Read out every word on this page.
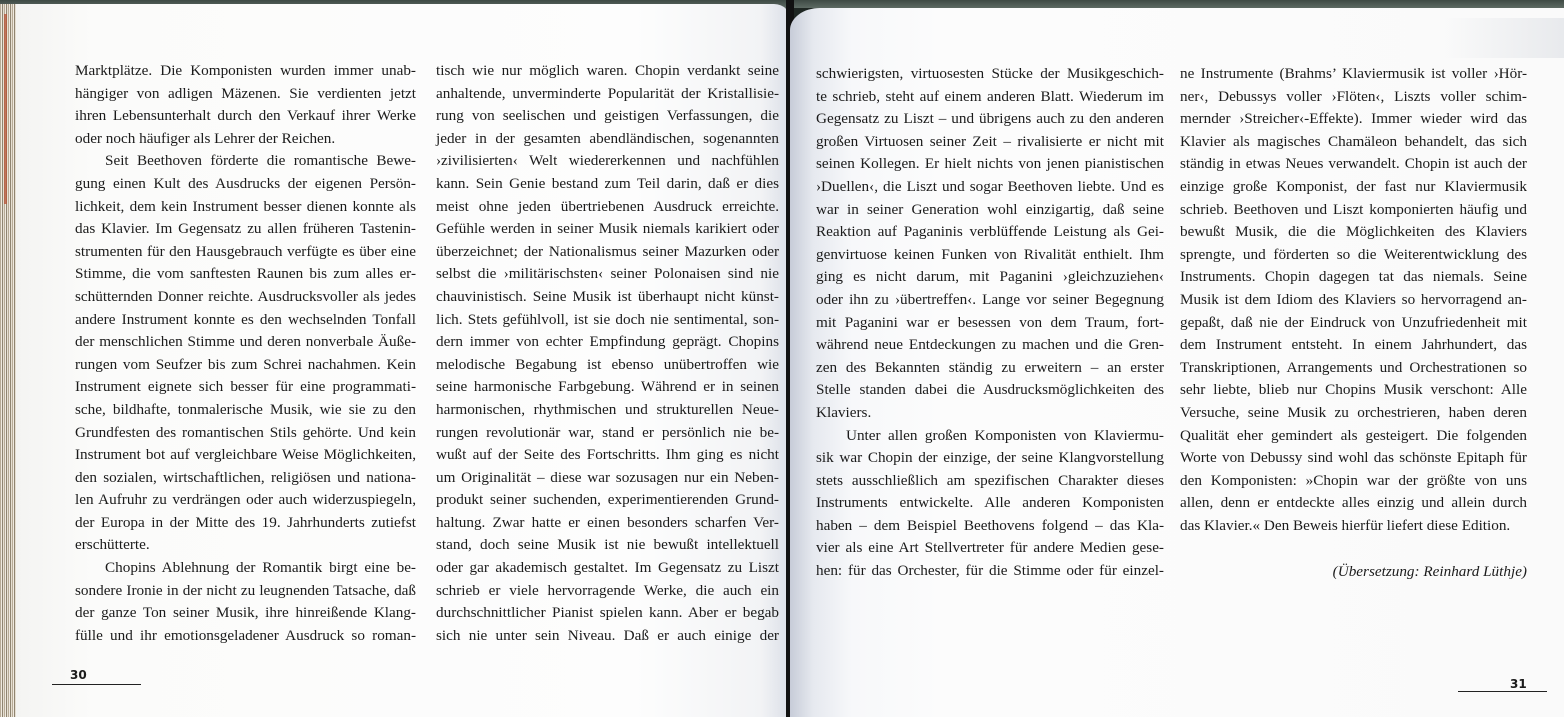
Marktplätze. Die Komponisten wurden immer unab-
hängiger von adligen Mäzenen. Sie verdienten jetzt
ihren Lebensunterhalt durch den Verkauf ihrer Werke
oder noch häufiger als Lehrer der Reichen.
Seit Beethoven förderte die romantische Bewe-
gung einen Kult des Ausdrucks der eigenen Persön-
lichkeit, dem kein Instrument besser dienen konnte als
das Klavier. Im Gegensatz zu allen früheren Tastenin-
strumenten für den Hausgebrauch verfügte es über eine
Stimme, die vom sanftesten Raunen bis zum alles er-
schütternden Donner reichte. Ausdrucksvoller als jedes
andere Instrument konnte es den wechselnden Tonfall
der menschlichen Stimme und deren nonverbale Äuße-
rungen vom Seufzer bis zum Schrei nachahmen. Kein
Instrument eignete sich besser für eine programmati-
sche, bildhafte, tonmalerische Musik, wie sie zu den
Grundfesten des romantischen Stils gehörte. Und kein
Instrument bot auf vergleichbare Weise Möglichkeiten,
den sozialen, wirtschaftlichen, religiösen und nationa-
len Aufruhr zu verdrängen oder auch widerzuspiegeln,
der Europa in der Mitte des 19. Jahrhunderts zutiefst
erschütterte.
Chopins Ablehnung der Romantik birgt eine be-
sondere Ironie in der nicht zu leugnenden Tatsache, daß
der ganze Ton seiner Musik, ihre hinreißende Klang-
fülle und ihr emotionsgeladener Ausdruck so roman-
tisch wie nur möglich waren. Chopin verdankt seine
anhaltende, unverminderte Popularität der Kristallisie-
rung von seelischen und geistigen Verfassungen, die
jeder in der gesamten abendländischen, sogenannten
›zivilisierten‹ Welt wiedererkennen und nachfühlen
kann. Sein Genie bestand zum Teil darin, daß er dies
meist ohne jeden übertriebenen Ausdruck erreichte.
Gefühle werden in seiner Musik niemals karikiert oder
überzeichnet; der Nationalismus seiner Mazurken oder
selbst die ›militärischsten‹ seiner Polonaisen sind nie
chauvinistisch. Seine Musik ist überhaupt nicht künst-
lich. Stets gefühlvoll, ist sie doch nie sentimental, son-
dern immer von echter Empfindung geprägt. Chopins
melodische Begabung ist ebenso unübertroffen wie
seine harmonische Farbgebung. Während er in seinen
harmonischen, rhythmischen und strukturellen Neue-
rungen revolutionär war, stand er persönlich nie be-
wußt auf der Seite des Fortschritts. Ihm ging es nicht
um Originalität – diese war sozusagen nur ein Neben-
produkt seiner suchenden, experimentierenden Grund-
haltung. Zwar hatte er einen besonders scharfen Ver-
stand, doch seine Musik ist nie bewußt intellektuell
oder gar akademisch gestaltet. Im Gegensatz zu Liszt
schrieb er viele hervorragende Werke, die auch ein
durchschnittlicher Pianist spielen kann. Aber er begab
sich nie unter sein Niveau. Daß er auch einige der
schwierigsten, virtuosesten Stücke der Musikgeschich-
te schrieb, steht auf einem anderen Blatt. Wiederum im
Gegensatz zu Liszt – und übrigens auch zu den anderen
großen Virtuosen seiner Zeit – rivalisierte er nicht mit
seinen Kollegen. Er hielt nichts von jenen pianistischen
›Duellen‹, die Liszt und sogar Beethoven liebte. Und es
war in seiner Generation wohl einzigartig, daß seine
Reaktion auf Paganinis verblüffende Leistung als Gei-
genvirtuose keinen Funken von Rivalität enthielt. Ihm
ging es nicht darum, mit Paganini ›gleichzuziehen‹
oder ihn zu ›übertreffen‹. Lange vor seiner Begegnung
mit Paganini war er besessen von dem Traum, fort-
während neue Entdeckungen zu machen und die Gren-
zen des Bekannten ständig zu erweitern – an erster
Stelle standen dabei die Ausdrucksmöglichkeiten des
Klaviers.
Unter allen großen Komponisten von Klaviermu-
sik war Chopin der einzige, der seine Klangvorstellung
stets ausschließlich am spezifischen Charakter dieses
Instruments entwickelte. Alle anderen Komponisten
haben – dem Beispiel Beethovens folgend – das Kla-
vier als eine Art Stellvertreter für andere Medien gese-
hen: für das Orchester, für die Stimme oder für einzel-
ne Instrumente (Brahms’ Klaviermusik ist voller ›Hör-
ner‹, Debussys voller ›Flöten‹, Liszts voller schim-
mernder ›Streicher‹-Effekte). Immer wieder wird das
Klavier als magisches Chamäleon behandelt, das sich
ständig in etwas Neues verwandelt. Chopin ist auch der
einzige große Komponist, der fast nur Klaviermusik
schrieb. Beethoven und Liszt komponierten häufig und
bewußt Musik, die die Möglichkeiten des Klaviers
sprengte, und förderten so die Weiterentwicklung des
Instruments. Chopin dagegen tat das niemals. Seine
Musik ist dem Idiom des Klaviers so hervorragend an-
gepaßt, daß nie der Eindruck von Unzufriedenheit mit
dem Instrument entsteht. In einem Jahrhundert, das
Transkriptionen, Arrangements und Orchestrationen so
sehr liebte, blieb nur Chopins Musik verschont: Alle
Versuche, seine Musik zu orchestrieren, haben deren
Qualität eher gemindert als gesteigert. Die folgenden
Worte von Debussy sind wohl das schönste Epitaph für
den Komponisten: »Chopin war der größte von uns
allen, denn er entdeckte alles einzig und allein durch
das Klavier.« Den Beweis hierfür liefert diese Edition.
(Übersetzung: Reinhard Lüthje)
30
31
